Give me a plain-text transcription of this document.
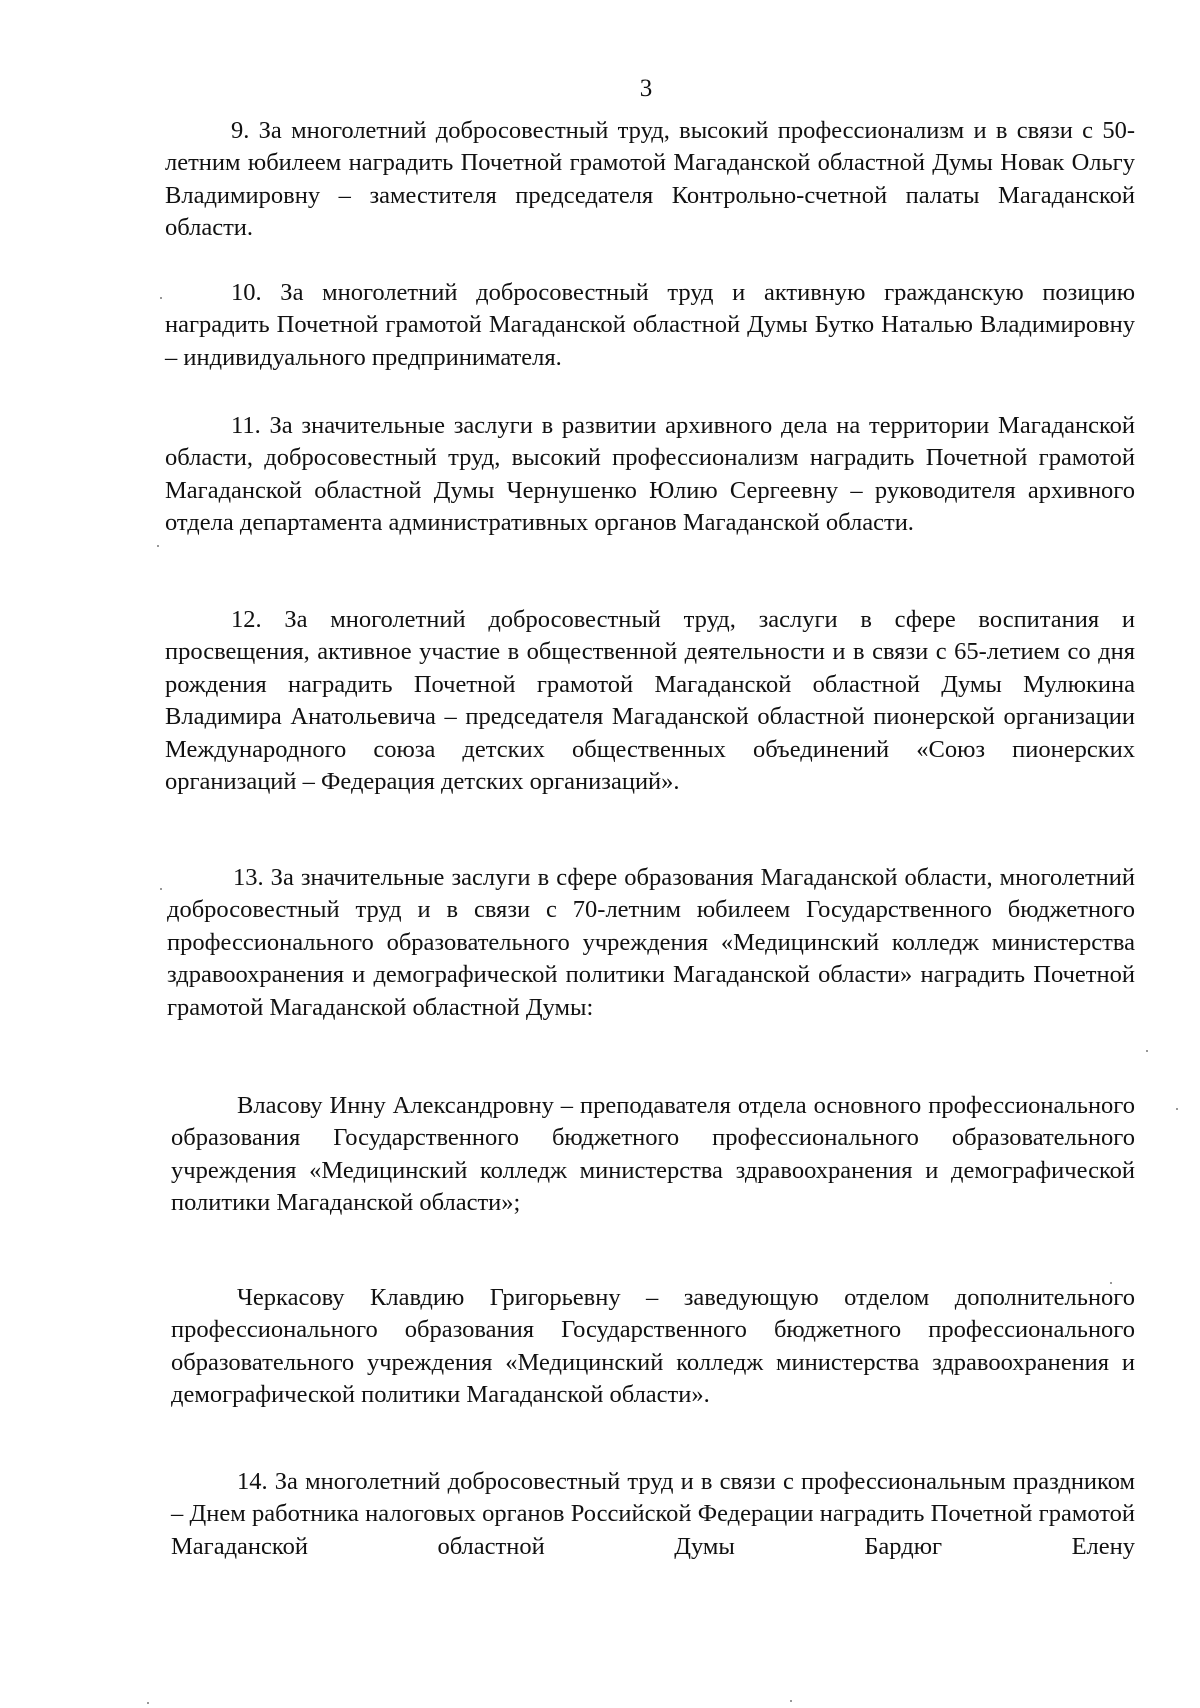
3

9. За многолетний добросовестный труд, высокий профессионализм и в связи с 50-летним юбилеем наградить Почетной грамотой Магаданской областной Думы Новак Ольгу Владимировну – заместителя председателя Контрольно-счетной палаты Магаданской области.

10. За многолетний добросовестный труд и активную гражданскую позицию наградить Почетной грамотой Магаданской областной Думы Бутко Наталью Владимировну – индивидуального предпринимателя.

11. За значительные заслуги в развитии архивного дела на территории Магаданской области, добросовестный труд, высокий профессионализм наградить Почетной грамотой Магаданской областной Думы Чернушенко Юлию Сергеевну – руководителя архивного отдела департамента административных органов Магаданской области.

12. За многолетний добросовестный труд, заслуги в сфере воспитания и просвещения, активное участие в общественной деятельности и в связи с 65-летием со дня рождения наградить Почетной грамотой Магаданской областной Думы Мулюкина Владимира Анатольевича – председателя Магаданской областной пионерской организации Международного союза детских общественных объединений «Союз пионерских организаций – Федерация детских организаций».

13. За значительные заслуги в сфере образования Магаданской области, многолетний добросовестный труд и в связи с 70-летним юбилеем Государственного бюджетного профессионального образовательного учреждения «Медицинский колледж министерства здравоохранения и демографической политики Магаданской области» наградить Почетной грамотой Магаданской областной Думы:

Власову Инну Александровну – преподавателя отдела основного профессионального образования Государственного бюджетного профессионального образовательного учреждения «Медицинский колледж министерства здравоохранения и демографической политики Магаданской области»;

Черкасову Клавдию Григорьевну – заведующую отделом дополнительного профессионального образования Государственного бюджетного профессионального образовательного учреждения «Медицинский колледж министерства здравоохранения и демографической политики Магаданской области».

14. За многолетний добросовестный труд и в связи с профессиональным праздником – Днем работника налоговых органов Российской Федерации наградить Почетной грамотой Магаданской областной Думы Бардюг Елену
